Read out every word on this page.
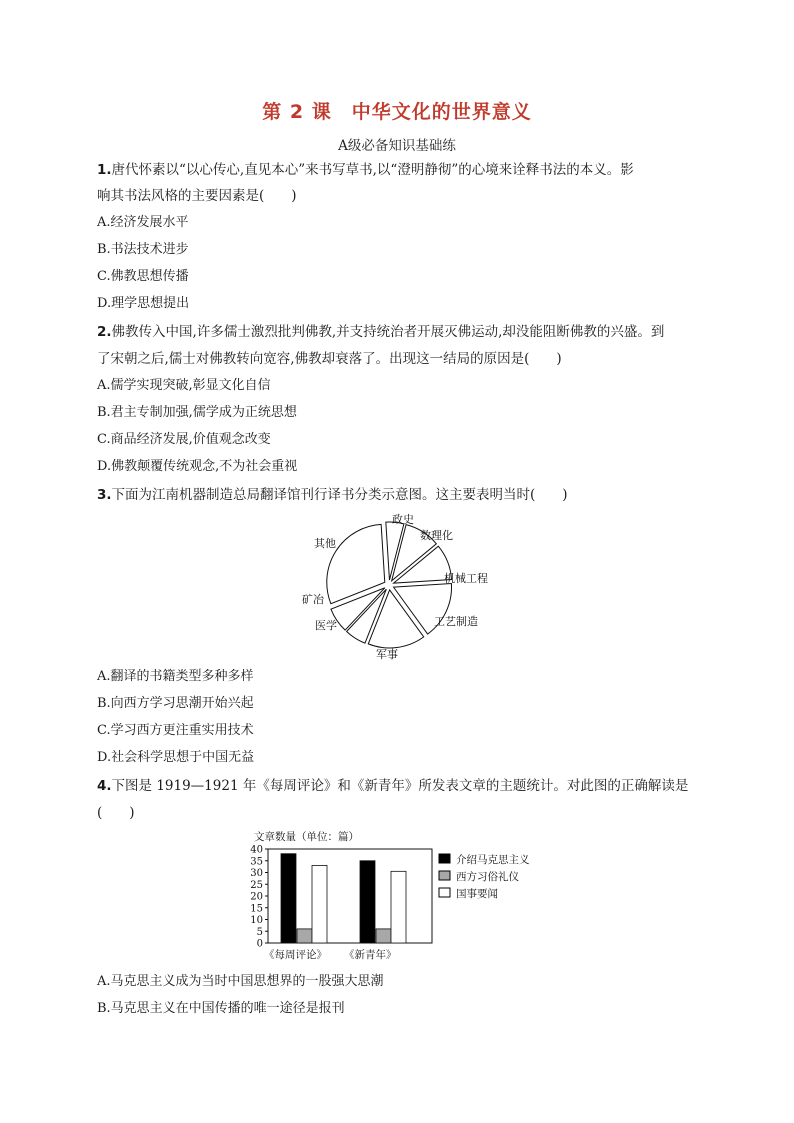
第 2 课　中华文化的世界意义
A级必备知识基础练
1.唐代怀素以“以心传心,直见本心”来书写草书,以“澄明静彻”的心境来诠释书法的本义。影
响其书法风格的主要因素是(　　)
A.经济发展水平
B.书法技术进步
C.佛教思想传播
D.理学思想提出
2.佛教传入中国,许多儒士激烈批判佛教,并支持统治者开展灭佛运动,却没能阻断佛教的兴盛。到
了宋朝之后,儒士对佛教转向宽容,佛教却衰落了。出现这一结局的原因是(　　)
A.儒学实现突破,彰显文化自信
B.君主专制加强,儒学成为正统思想
C.商品经济发展,价值观念改变
D.佛教颠覆传统观念,不为社会重视
3.下面为江南机器制造总局翻译馆刊行译书分类示意图。这主要表明当时(　　)
政史
数理化
机械工程
工艺制造
军事
医学
矿冶
其他
A.翻译的书籍类型多种多样
B.向西方学习思潮开始兴起
C.学习西方更注重实用技术
D.社会科学思想于中国无益
4.下图是 1919—1921 年《每周评论》和《新青年》所发表文章的主题统计。对此图的正确解读是
(　　)
文章数量（单位：篇）
0
5
10
15
20
25
30
35
40
《每周评论》 《新青年》
介绍马克思主义
西方习俗礼仪
国事要闻
A.马克思主义成为当时中国思想界的一股强大思潮
B.马克思主义在中国传播的唯一途径是报刊
